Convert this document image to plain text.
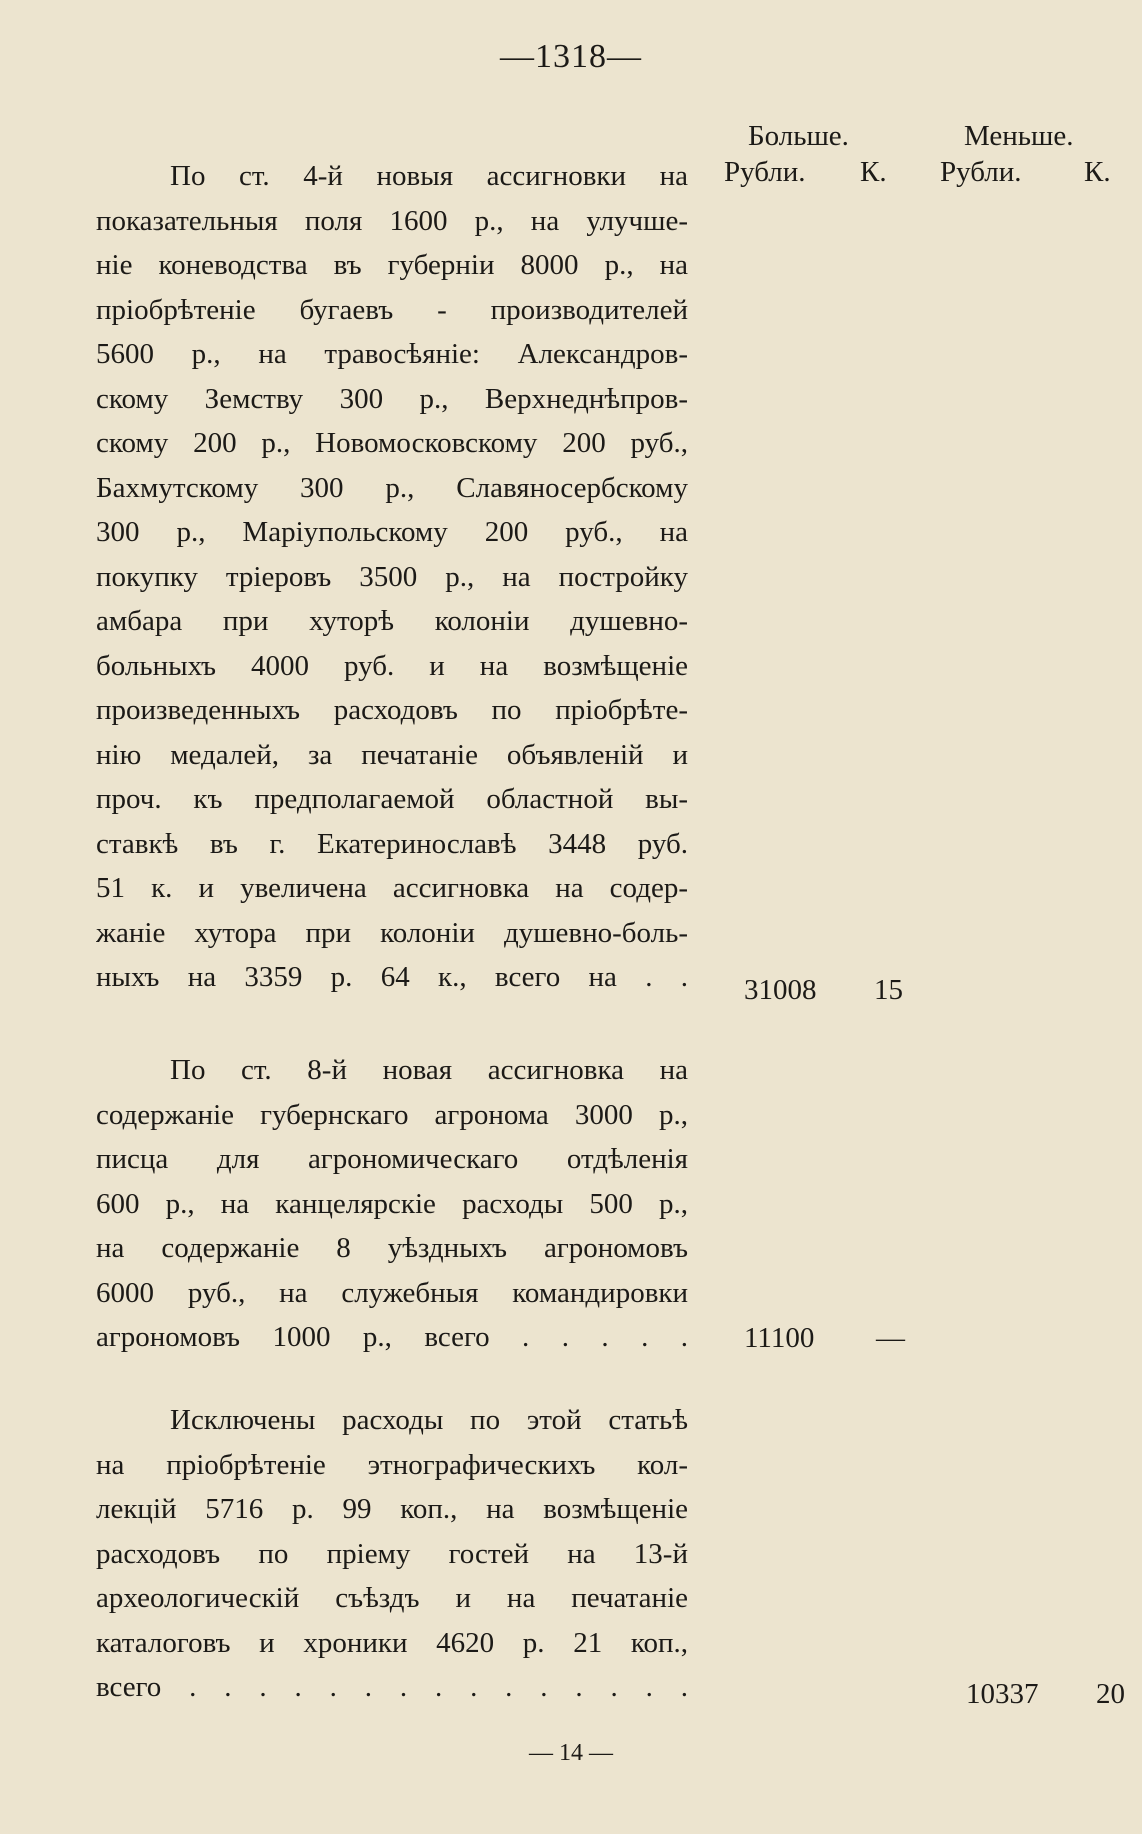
—1318—
Больше.	Меньше.
Рубли. К. Рубли. К.
По ст. 4-й новыя ассигновки на
показательныя поля 1600 р., на улучше-
ніе коневодства въ губерніи 8000 р., на
пріобрѣтеніе бугаевъ - производителей
5600 р., на травосѣяніе: Александров-
скому Земству 300 р., Верхнеднѣпров-
скому 200 р., Новомосковскому 200 руб.,
Бахмутскому 300 р., Славяносербскому
300 р., Маріупольскому 200 руб., на
покупку тріеровъ 3500 р., на постройку
амбара при хуторѣ колоніи душевно-
больныхъ 4000 руб. и на возмѣщеніе
произведенныхъ расходовъ по пріобрѣте-
нію медалей, за печатаніе объявленій и
проч. къ предполагаемой областной вы-
ставкѣ въ г. Екатеринославѣ 3448 руб.
51 к. и увеличена ассигновка на содер-
жаніе хутора при колоніи душевно-боль-
ныхъ на 3359 р. 64 к., всего на . . 31008 15
По ст. 8-й новая ассигновка на
содержаніе губернскаго агронома 3000 р.,
писца для агрономическаго отдѣленія
600 р., на канцелярскіе расходы 500 р.,
на содержаніе 8 уѣздныхъ агрономовъ
6000 руб., на служебныя командировки
агрономовъ 1000 р., всего . . . . . 11100 —
Исключены расходы по этой статьѣ
на пріобрѣтеніе этнографическихъ кол-
лекцій 5716 р. 99 коп., на возмѣщеніе
расходовъ по пріему гостей на 13-й
археологическій съѣздъ и на печатаніе
каталоговъ и хроники 4620 р. 21 коп.,
всего . . . . . . . . . . . . . . .	10337 20
— 14 —
